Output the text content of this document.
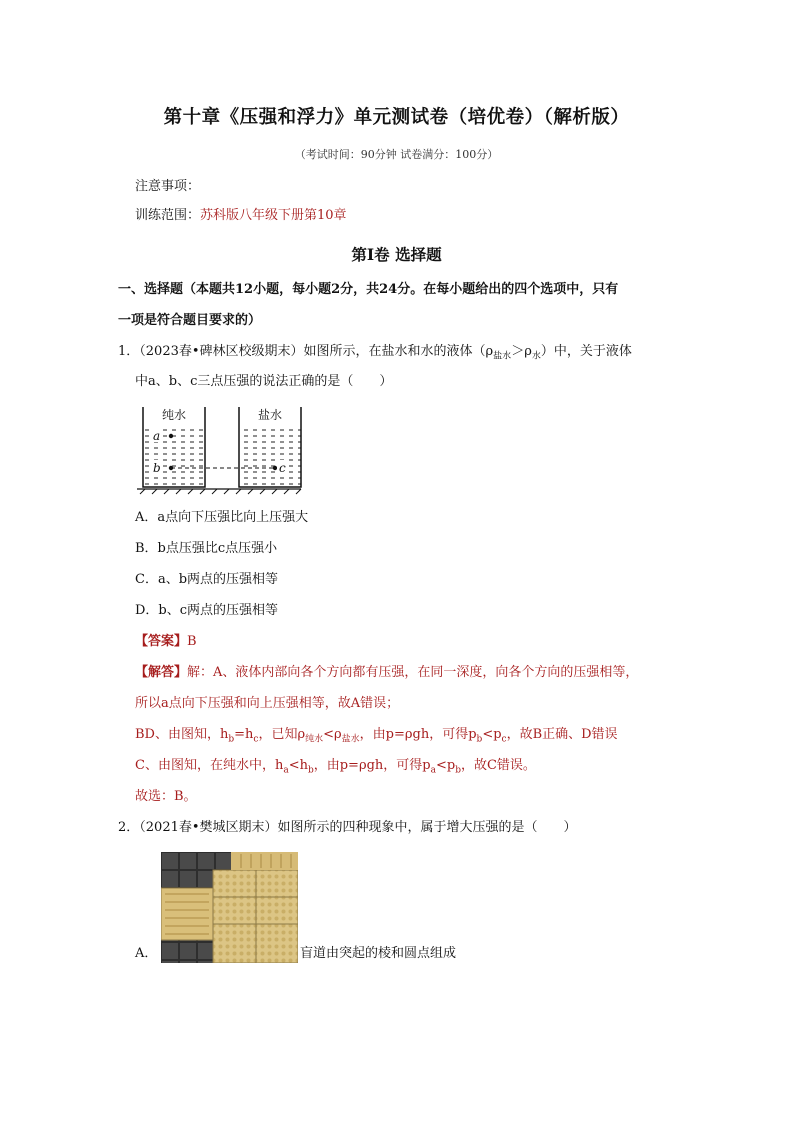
第十章《压强和浮力》单元测试卷（培优卷）（解析版）
（考试时间：90分钟 试卷满分：100分）
注意事项：
训练范围：苏科版八年级下册第10章
第Ⅰ卷 选择题
一、选择题（本题共12小题，每小题2分，共24分。在每小题给出的四个选项中，只有
一项是符合题目要求的）
1．（2023春•碑林区校级期末）如图所示，在盐水和水的液体$(\rho_{盐水}>\rho_水)$中，关于液体
中a、b、c三点压强的说法正确的是（　　）
a
b	c
纯水	盐水
A．a点向下压强比向上压强大
B．b点压强比c点压强小
C．a、b两点的压强相等
D．b、c两点的压强相等
【答案】B
【解答】解：A、液体内部向各个方向都有压强，在同一深度，向各个方向的压强相等，
所以a点向下压强和向上压强相等，故A错误；
BD、由图知，$h_b=h_c$，已知$\rho_{纯水}<\rho_{盐水}$，由p=ρgh，可得$p_b<p_c$，故B正确、D错误
C、由图知，在纯水中，$h_a<h_b$，由p=ρgh，可得$p_a<p_b$，故C错误。
故选：B。
2．（2021春•樊城区期末）如图所示的四种现象中，属于增大压强的是（　　）
A．	盲道由突起的棱和圆点组成
